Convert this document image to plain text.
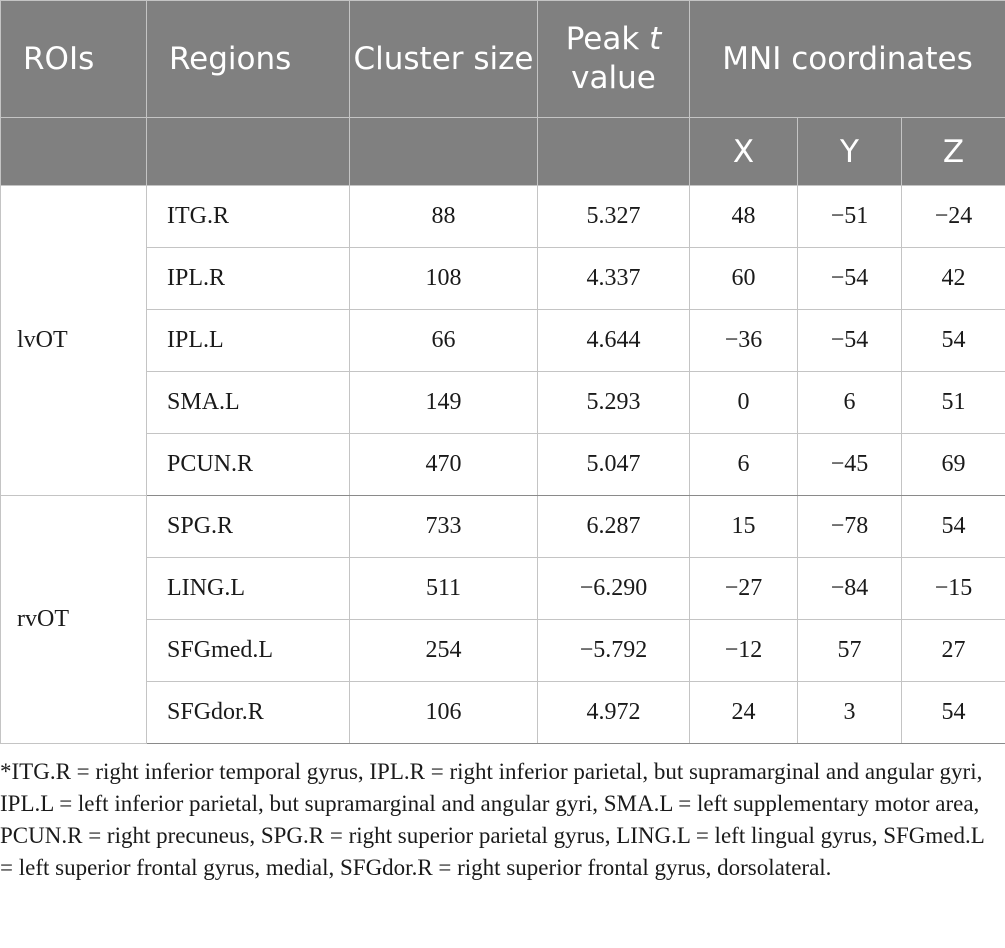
ROIs	Regions	Cluster size	Peak t value	MNI coordinates		
				X	Y	Z
lvOT	ITG.R	88	5.327	48	−51	−24
	IPL.R	108	4.337	60	−54	42
	IPL.L	66	4.644	−36	−54	54
	SMA.L	149	5.293	0	6	51
	PCUN.R	470	5.047	6	−45	69
rvOT	SPG.R	733	6.287	15	−78	54
	LING.L	511	−6.290	−27	−84	−15
	SFGmed.L	254	−5.792	−12	57	27
	SFGdor.R	106	4.972	24	3	54

*ITG.R = right inferior temporal gyrus, IPL.R = right inferior parietal, but supramarginal and angular gyri, IPL.L = left inferior parietal, but supramarginal and angular gyri, SMA.L = left supplementary motor area, PCUN.R = right precuneus, SPG.R = right superior parietal gyrus, LING.L = left lingual gyrus, SFGmed.L = left superior frontal gyrus, medial, SFGdor.R = right superior frontal gyrus, dorsolateral.
